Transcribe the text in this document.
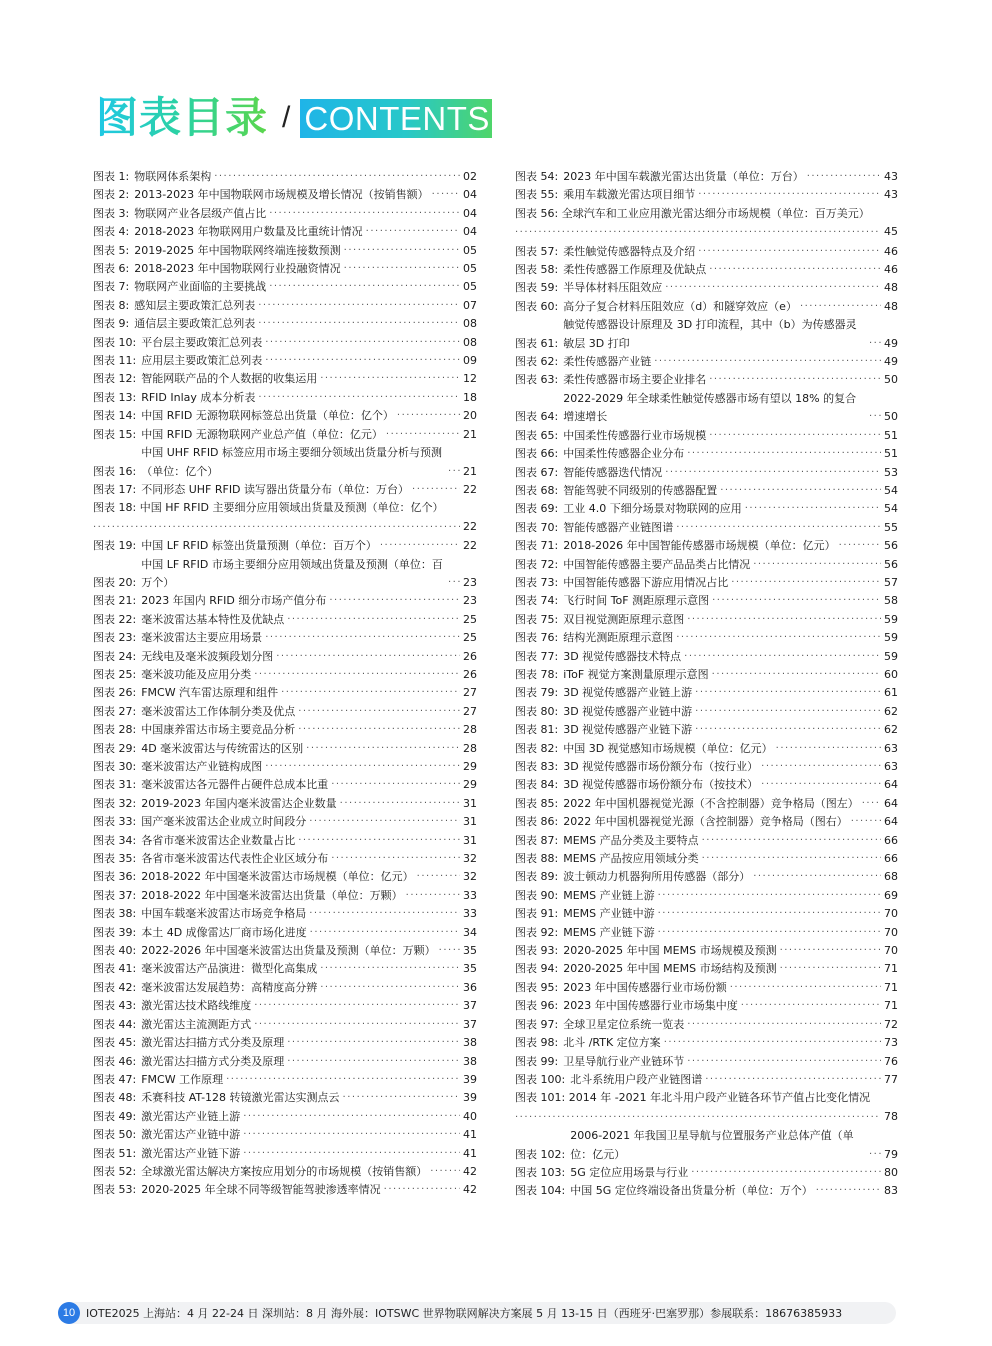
图表目录 / CONTENTS
图表 1: 物联网体系架构 ·····	02
图表 2: 2013-2023 年中国物联网市场规模及增长情况（按销售额） ·····	04
图表 3: 物联网产业各层级产值占比 ·····	04
图表 4: 2018-2023 年物联网用户数量及比重统计情况 ·····	04
图表 5: 2019-2025 年中国物联网终端连接数预测 ·····	05
图表 6: 2018-2023 年中国物联网行业投融资情况 ·····	05
图表 7: 物联网产业面临的主要挑战 ·····	05
图表 8: 感知层主要政策汇总列表 ·····	07
图表 9: 通信层主要政策汇总列表 ·····	08
图表 10: 平台层主要政策汇总列表 ·····	08
图表 11: 应用层主要政策汇总列表 ·····	09
图表 12: 智能网联产品的个人数据的收集运用 ·····	12
图表 13: RFID Inlay 成本分析表 ·····	18
图表 14: 中国 RFID 无源物联网标签总出货量（单位：亿个） ·····	20
图表 15: 中国 RFID 无源物联网产业总产值（单位：亿元） ·····	21
图表 16:
中国 UHF RFID 标签应用市场主要细分领域出货量分析与预测（单位：亿个） ·····	21
图表 17: 不同形态 UHF RFID 读写器出货量分布（单位：万台） ·····	22
图表 18: 中国 HF RFID 主要细分应用领域出货量及预测（单位：亿个）
·····
22
图表 19: 中国 LF RFID 标签出货量预测（单位：百万个） ·····	22
图表 20:
中国 LF RFID 市场主要细分应用领域出货量及预测（单位：百万个） ·····	23
图表 21: 2023 年国内 RFID 细分市场产值分布 ·····	23
图表 22: 毫米波雷达基本特性及优缺点 ·····	25
图表 23: 毫米波雷达主要应用场景 ·····	25
图表 24: 无线电及毫米波频段划分图 ·····	26
图表 25: 毫米波功能及应用分类 ·····	26
图表 26: FMCW 汽车雷达原理和组件 ·····	27
图表 27: 毫米波雷达工作体制分类及优点 ·····	27
图表 28: 中国康养雷达市场主要竞品分析 ·····	28
图表 29: 4D 毫米波雷达与传统雷达的区别 ·····	28
图表 30: 毫米波雷达产业链构成图 ·····	29
图表 31: 毫米波雷达各元器件占硬件总成本比重 ·····	29
图表 32: 2019-2023 年国内毫米波雷达企业数量 ·····	31
图表 33: 国产毫米波雷达企业成立时间段分 ·····	31
图表 34: 各省市毫米波雷达企业数量占比 ·····	31
图表 35: 各省市毫米波雷达代表性企业区域分布 ·····	32
图表 36: 2018-2022 年中国毫米波雷达市场规模（单位：亿元） ·····	32
图表 37: 2018-2022 年中国毫米波雷达出货量（单位：万颗） ·····	33
图表 38: 中国车载毫米波雷达市场竞争格局 ·····	33
图表 39: 本土 4D 成像雷达厂商市场化进度 ·····	34
图表 40: 2022-2026 年中国毫米波雷达出货量及预测（单位：万颗） ····· 35
图表 41: 毫米波雷达产品演进：微型化高集成 ·····	35
图表 42: 毫米波雷达发展趋势：高精度高分辨 ·····	36
图表 43: 激光雷达技术路线维度 ·····	37
图表 44: 激光雷达主流测距方式 ·····	37
图表 45: 激光雷达扫描方式分类及原理 ·····	38
图表 46: 激光雷达扫描方式分类及原理 ·····	38
图表 47: FMCW 工作原理 ·····	39
图表 48: 禾赛科技 AT-128 转镜激光雷达实测点云 ·····	39
图表 49: 激光雷达产业链上游 ·····	40
图表 50: 激光雷达产业链中游 ·····	41
图表 51: 激光雷达产业链下游 ·····	41
图表 52: 全球激光雷达解决方案按应用划分的市场规模（按销售额） ·····	42
图表 53: 2020-2025 年全球不同等级智能驾驶渗透率情况 ·····	42
图表 54: 2023 年中国车载激光雷达出货量（单位：万台） ·····	43
图表 55: 乘用车载激光雷达项目细节 ·····	43
图表 56: 全球汽车和工业应用激光雷达细分市场规模（单位：百万美元）
·····
45
图表 57: 柔性触觉传感器特点及介绍 ·····	46
图表 58: 柔性传感器工作原理及优缺点 ·····	46
图表 59: 半导体材料压阻效应 ·····	48
图表 60: 高分子复合材料压阻效应（d）和隧穿效应（e） ·····	48
图表 61:
触觉传感器设计原理及 3D 打印流程，其中（b）为传感器灵敏层 3D 打印 ·····	49
图表 62: 柔性传感器产业链 ·····	49
图表 63: 柔性传感器市场主要企业排名 ·····	50
图表 64:
2022-2029 年全球柔性触觉传感器市场有望以 18% 的复合增速增长 ·····	50
图表 65: 中国柔性传感器行业市场规模 ·····	51
图表 66: 中国柔性传感器企业分布 ·····	51
图表 67: 智能传感器迭代情况 ·····	53
图表 68: 智能驾驶不同级别的传感器配置 ·····	54
图表 69: 工业 4.0 下细分场景对物联网的应用 ·····	54
图表 70: 智能传感器产业链图谱 ·····	55
图表 71: 2018-2026 年中国智能传感器市场规模（单位：亿元） ·····	56
图表 72: 中国智能传感器主要产品品类占比情况 ·····	56
图表 73: 中国智能传感器下游应用情况占比 ·····	57
图表 74: 飞行时间 ToF 测距原理示意图 ·····	58
图表 75: 双目视觉测距原理示意图 ·····	59
图表 76: 结构光测距原理示意图 ·····	59
图表 77: 3D 视觉传感器技术特点 ·····	59
图表 78: iToF 视觉方案测量原理示意图 ·····	60
图表 79: 3D 视觉传感器产业链上游 ·····	61
图表 80: 3D 视觉传感器产业链中游 ·····	62
图表 81: 3D 视觉传感器产业链下游 ·····	62
图表 82: 中国 3D 视觉感知市场规模（单位：亿元） ·····	63
图表 83: 3D 视觉传感器市场份额分布（按行业） ·····	63
图表 84: 3D 视觉传感器市场份额分布（按技术） ·····	64
图表 85: 2022 年中国机器视觉光源（不含控制器）竞争格局（图左） ····· 64
图表 86: 2022 年中国机器视觉光源（含控制器）竞争格局（图右） ·····	64
图表 87: MEMS 产品分类及主要特点 ·····	66
图表 88: MEMS 产品按应用领域分类 ·····	66
图表 89: 波士顿动力机器狗所用传感器（部分） ·····	68
图表 90: MEMS 产业链上游 ·····	69
图表 91: MEMS 产业链中游 ·····	70
图表 92: MEMS 产业链下游 ·····	70
图表 93: 2020-2025 年中国 MEMS 市场规模及预测 ·····	70
图表 94: 2020-2025 年中国 MEMS 市场结构及预测 ·····	71
图表 95: 2023 年中国传感器行业市场份额 ·····	71
图表 96: 2023 年中国传感器行业市场集中度 ·····	71
图表 97: 全球卫星定位系统一览表 ·····	72
图表 98: 北斗 /RTK 定位方案 ·····	73
图表 99: 卫星导航行业产业链环节 ·····	76
图表 100: 北斗系统用户段产业链图谱 ·····	77
图表 101: 2014 年 -2021 年北斗用户段产业链各环节产值占比变化情况
·····
78
图表 102:
2006-2021 年我国卫星导航与位置服务产业总体产值（单位：亿元） ·····	79
图表 103: 5G 定位应用场景与行业 ·····	80
图表 104: 中国 5G 定位终端设备出货量分析（单位：万个） ·····	83
10 IOTE2025 上海站：4 月 22-24 日 深圳站：8 月 海外展：IOTSWC 世界物联网解决方案展 5 月 13-15 日（西班牙·巴塞罗那）参展联系：18676385933
